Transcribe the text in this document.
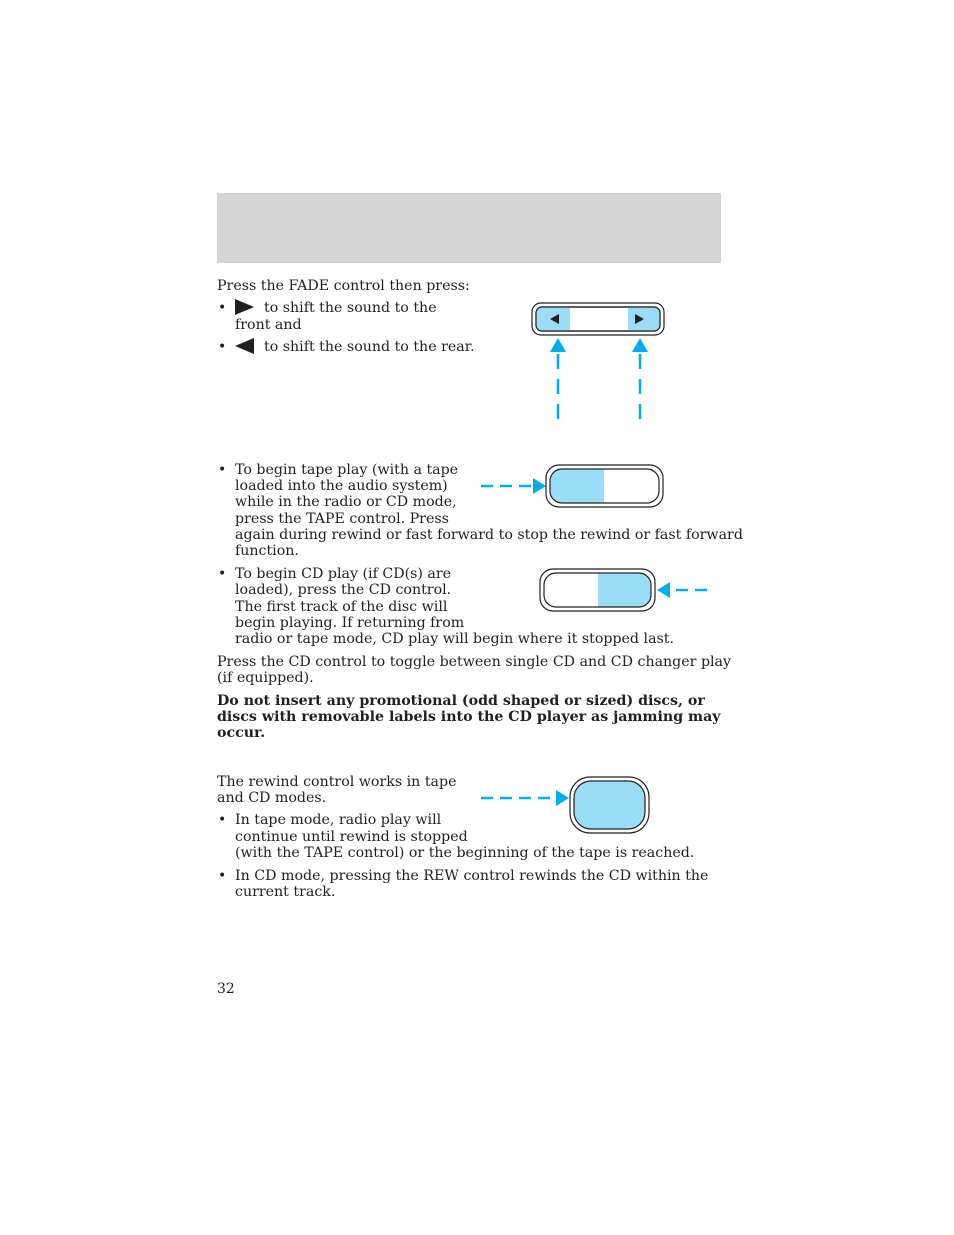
Press the FADE control then press:

•	to shift the sound to the

front and

•	to shift the sound to the rear.

• To begin tape play (with a tape

loaded into the audio system)

while in the radio or CD mode,

press the TAPE control. Press

again during rewind or fast forward to stop the rewind or fast forward

function.

• To begin CD play (if CD(s) are

loaded), press the CD control.

The first track of the disc will

begin playing. If returning from

radio or tape mode, CD play will begin where it stopped last.

Press the CD control to toggle between single CD and CD changer play

(if equipped).

Do not insert any promotional (odd shaped or sized) discs, or

discs with removable labels into the CD player as jamming may

occur.

The rewind control works in tape

and CD modes.

• In tape mode, radio play will

continue until rewind is stopped

(with the TAPE control) or the beginning of the tape is reached.

• In CD mode, pressing the REW control rewinds the CD within the

current track.

32
